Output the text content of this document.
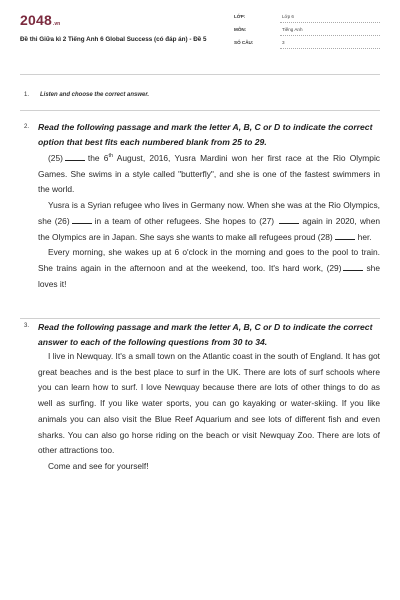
2048 .vn
Đề thi Giữa kì 2 Tiếng Anh 6 Global Success (có đáp án) - Đề 5
LỚP:	Lớp 6
MÔN:	Tiếng Anh
SỐ CÂU:	3
1. Listen and choose the correct answer.
2. Read the following passage and mark the letter A, B, C or D to indicate the correct option that best fits each numbered blank from 25 to 29.

(25)	the 6th August, 2016, Yusra Mardini won her first race at the Rio Olympic Games. She swims in a style called "butterfly", and she is one of the fastest swimmers in the world.

Yusra is a Syrian refugee who lives in Germany now. When she was at the Rio Olympics, she (26)	in a team of other refugees. She hopes to (27)	again in 2020, when the Olympics are in Japan. She says she wants to make all refugees proud (28)	her.

Every morning, she wakes up at 6 o'clock in the morning and goes to the pool to train. She trains again in the afternoon and at the weekend, too. It's hard work, (29)	she loves it!

3. Read the following passage and mark the letter A, B, C or D to indicate the correct answer to each of the following questions from 30 to 34.

I live in Newquay. It's a small town on the Atlantic coast in the south of England. It has got great beaches and is the best place to surf in the UK. There are lots of surf schools where you can learn how to surf. I love Newquay because there are lots of other things to do as well as surfing. If you like water sports, you can go kayaking or water-skiing. If you like animals you can also visit the Blue Reef Aquarium and see lots of different fish and even sharks. You can also go horse riding on the beach or visit Newquay Zoo. There are lots of other attractions too.

Come and see for yourself!
